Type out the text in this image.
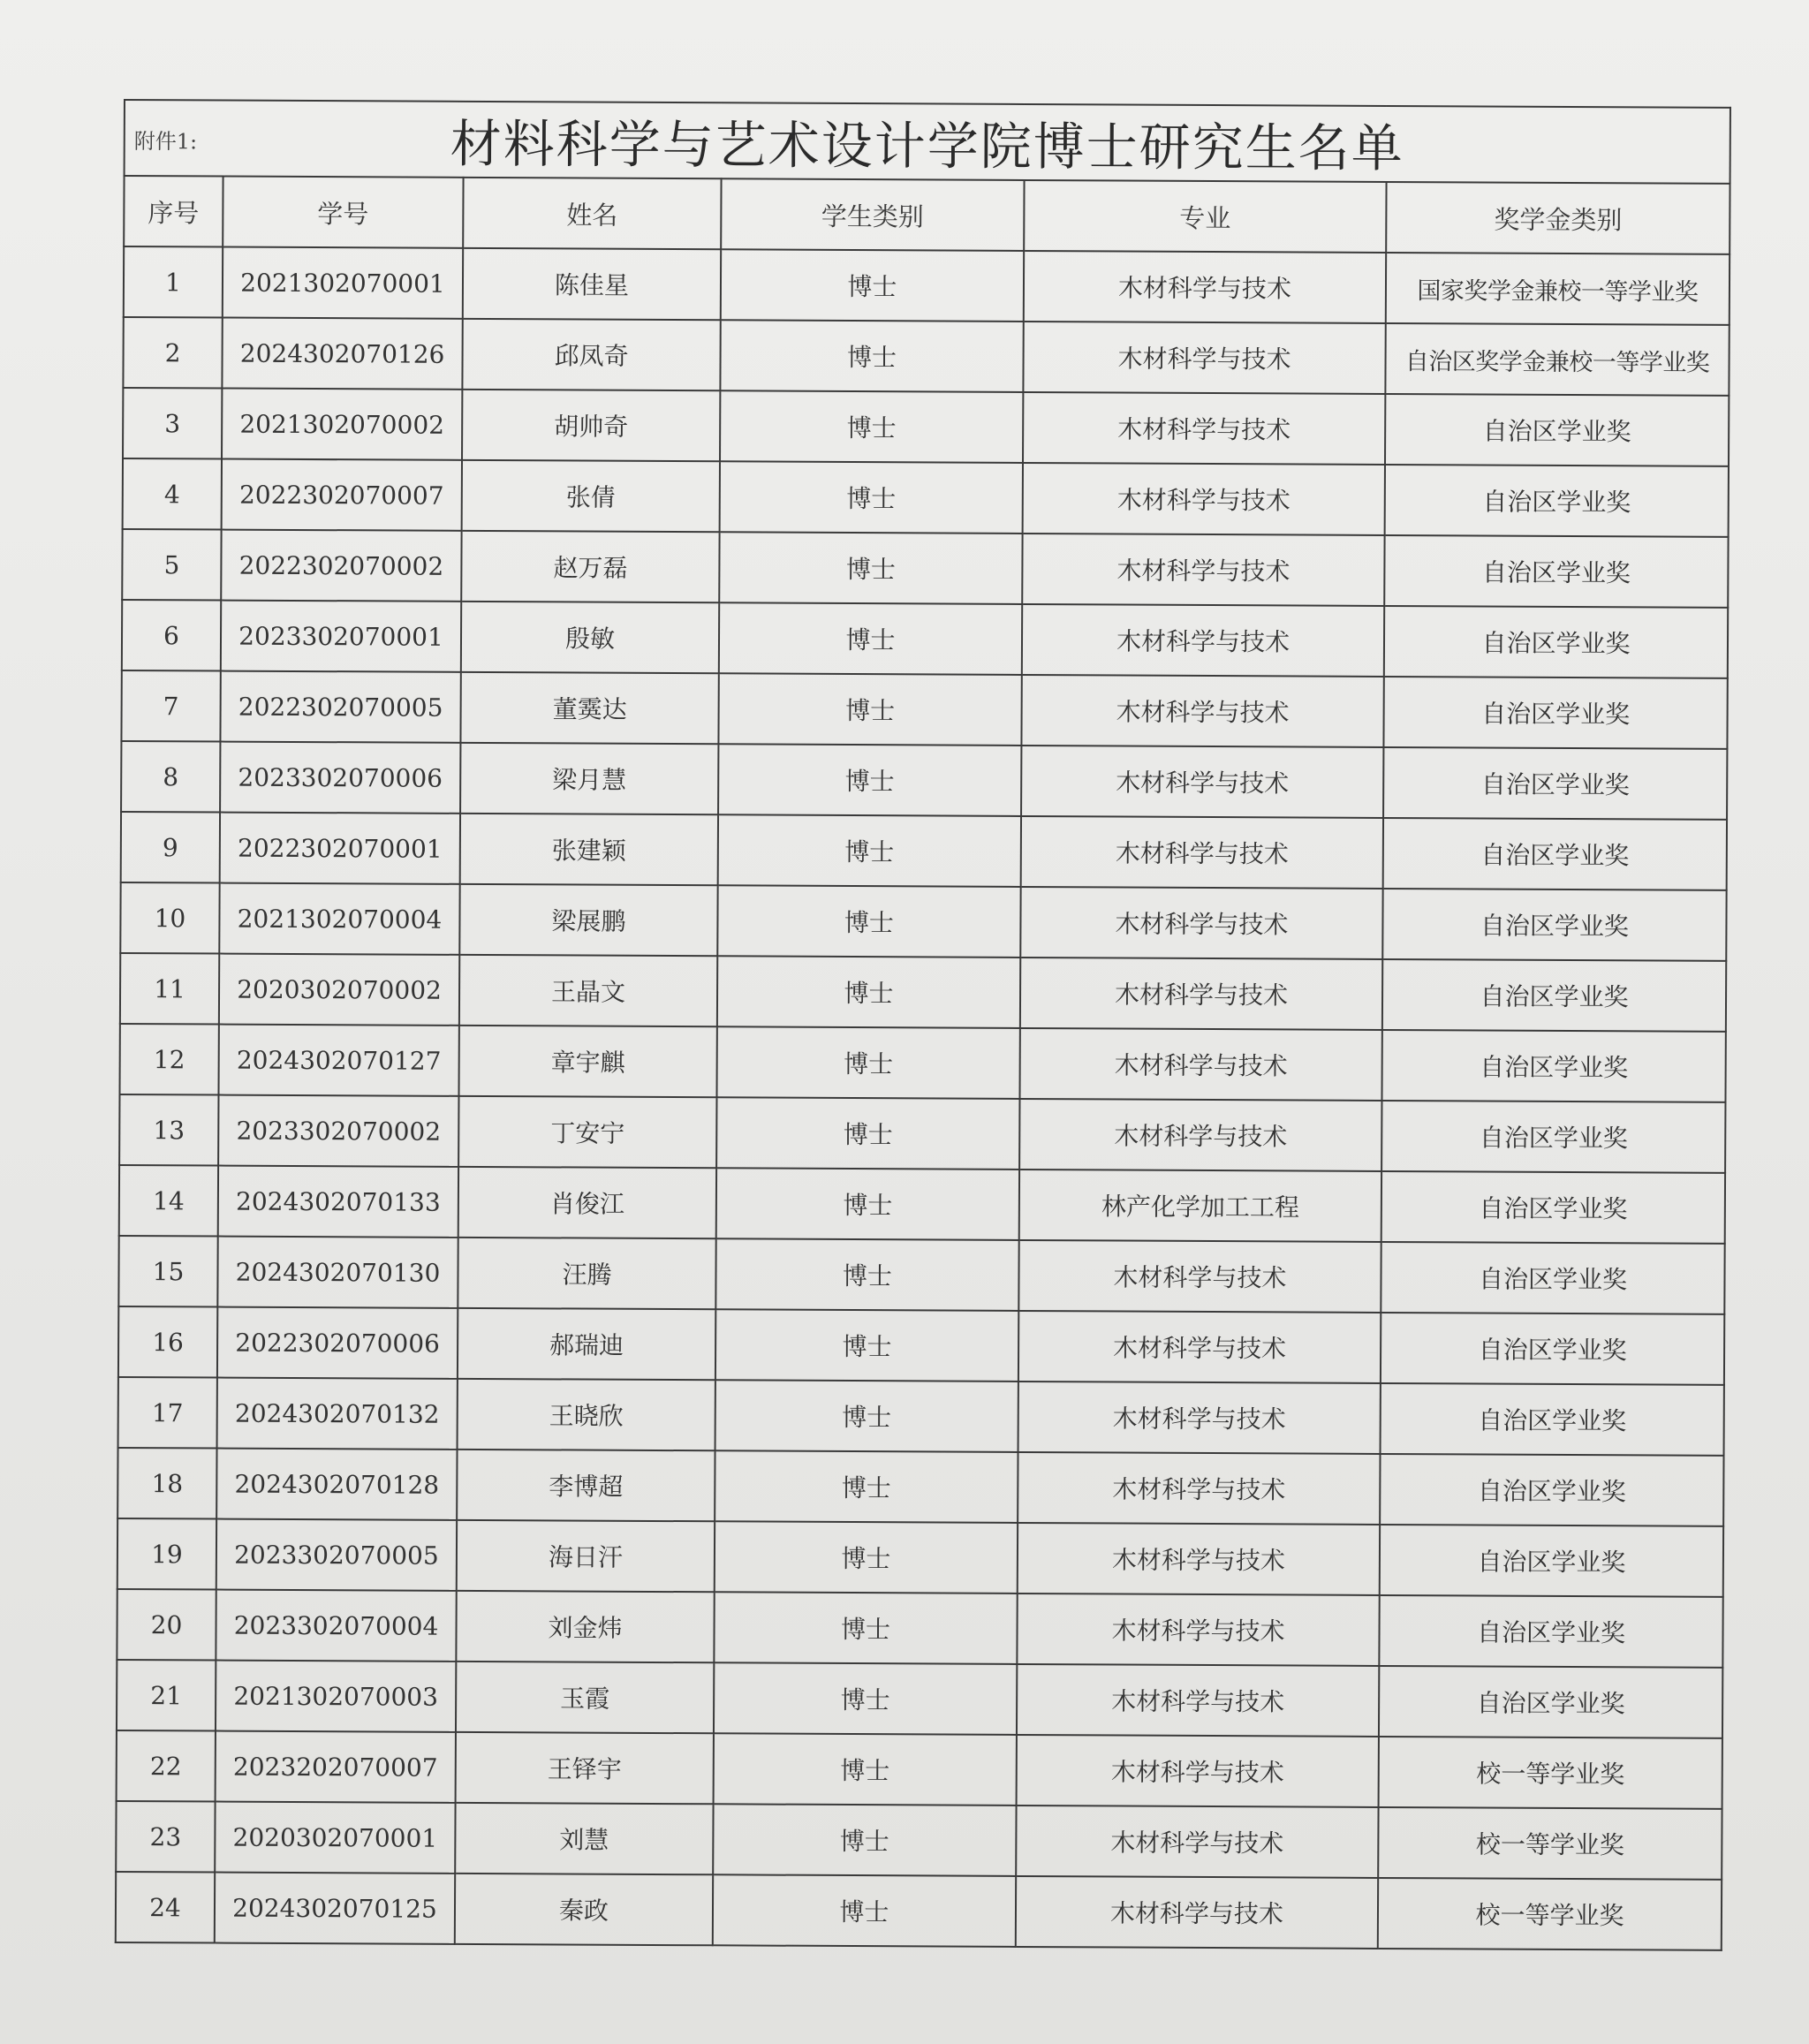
附件1: 材料科学与艺术设计学院博士研究生名单					
序号	学号	姓名	学生类别	专业	奖学金类别
1	2021302070001	陈佳星	博士	木材科学与技术	国家奖学金兼校一等学业奖
2	2024302070126	邱凤奇	博士	木材科学与技术	自治区奖学金兼校一等学业奖
3	2021302070002	胡帅奇	博士	木材科学与技术	自治区学业奖
4	2022302070007	张倩	博士	木材科学与技术	自治区学业奖
5	2022302070002	赵万磊	博士	木材科学与技术	自治区学业奖
6	2023302070001	殷敏	博士	木材科学与技术	自治区学业奖
7	2022302070005	董霙达	博士	木材科学与技术	自治区学业奖
8	2023302070006	梁月慧	博士	木材科学与技术	自治区学业奖
9	2022302070001	张建颖	博士	木材科学与技术	自治区学业奖
10	2021302070004	梁展鹏	博士	木材科学与技术	自治区学业奖
11	2020302070002	王晶文	博士	木材科学与技术	自治区学业奖
12	2024302070127	章宇麒	博士	木材科学与技术	自治区学业奖
13	2023302070002	丁安宁	博士	木材科学与技术	自治区学业奖
14	2024302070133	肖俊江	博士	林产化学加工工程	自治区学业奖
15	2024302070130	汪腾	博士	木材科学与技术	自治区学业奖
16	2022302070006	郝瑞迪	博士	木材科学与技术	自治区学业奖
17	2024302070132	王晓欣	博士	木材科学与技术	自治区学业奖
18	2024302070128	李博超	博士	木材科学与技术	自治区学业奖
19	2023302070005	海日汗	博士	木材科学与技术	自治区学业奖
20	2023302070004	刘金炜	博士	木材科学与技术	自治区学业奖
21	2021302070003	玉霞	博士	木材科学与技术	自治区学业奖
22	2023202070007	王铎宇	博士	木材科学与技术	校一等学业奖
23	2020302070001	刘慧	博士	木材科学与技术	校一等学业奖
24	2024302070125	秦政	博士	木材科学与技术	校一等学业奖
